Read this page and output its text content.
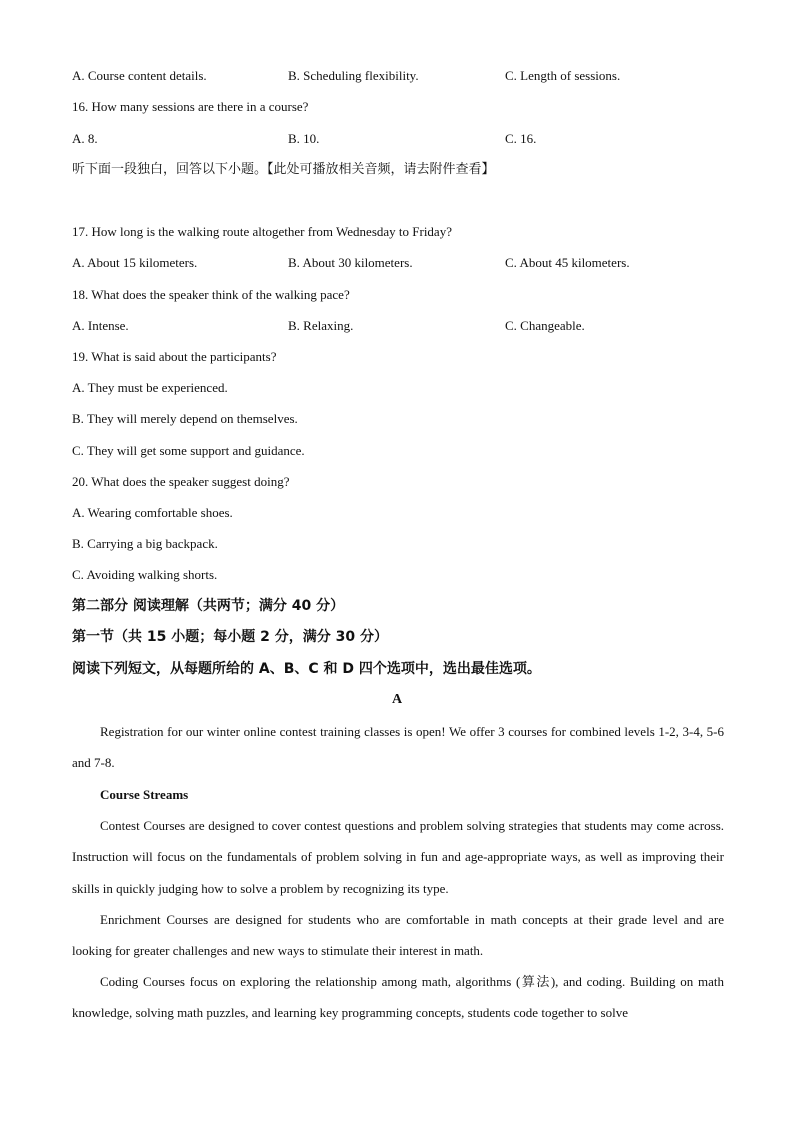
A. Course content details.	B. Scheduling flexibility.	C. Length of sessions.
16. How many sessions are there in a course?
A. 8.	B. 10.	C. 16.
听下面一段独白，回答以下小题。【此处可播放相关音频，请去附件查看】
17. How long is the walking route altogether from Wednesday to Friday?
A. About 15 kilometers.	B. About 30 kilometers.	C. About 45 kilometers.
18. What does the speaker think of the walking pace?
A. Intense.	B. Relaxing.	C. Changeable.
19. What is said about the participants?
A. They must be experienced.
B. They will merely depend on themselves.
C. They will get some support and guidance.
20. What does the speaker suggest doing?
A. Wearing comfortable shoes.
B. Carrying a big backpack.
C. Avoiding walking shorts.
第二部分 阅读理解（共两节；满分 40 分）
第一节（共 15 小题；每小题 2 分，满分 30 分）
阅读下列短文，从每题所给的 A、B、C 和 D 四个选项中，选出最佳选项。
A
Registration for our winter online contest training classes is open! We offer 3 courses for combined levels 1-2, 3-4, 5-6 and 7-8.
Course Streams
Contest Courses are designed to cover contest questions and problem solving strategies that students may come across. Instruction will focus on the fundamentals of problem solving in fun and age-appropriate ways, as well as improving their skills in quickly judging how to solve a problem by recognizing its type.
Enrichment Courses are designed for students who are comfortable in math concepts at their grade level and are looking for greater challenges and new ways to stimulate their interest in math.
Coding Courses focus on exploring the relationship among math, algorithms (算法), and coding. Building on math knowledge, solving math puzzles, and learning key programming concepts, students code together to solve
